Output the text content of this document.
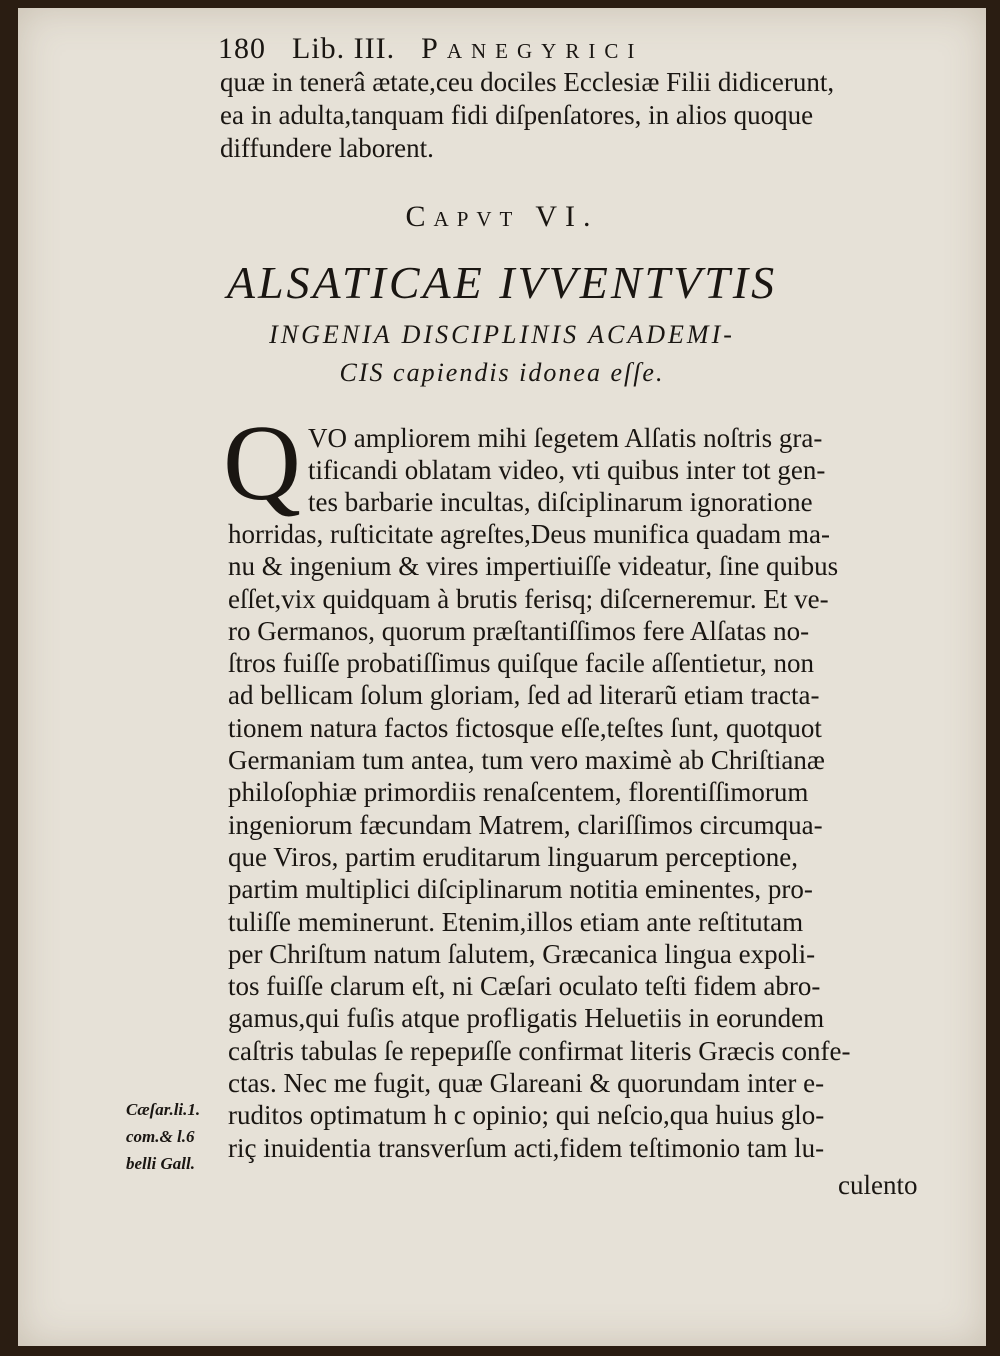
180 Lib. III. Panegyrici
quæ in tenerâ ætate,ceu dociles Ecclesiæ Filii didicerunt,
ea in adulta,tanquam fidi diſpenſatores, in alios quoque
diffundere laborent.
Capvt VI.
ALSATICAE IVVENTVTIS
INGENIA DISCIPLINIS ACADEMI-
CIS capiendis idonea eſſe.
Q VO ampliorem mihi ſegetem Alſatis noſtris gra-
tificandi oblatam video, vti quibus inter tot gen-
tes barbarie incultas, diſciplinarum ignoratione
horridas, ruſticitate agreſtes,Deus munifica quadam ma-
nu & ingenium & vires impertiuiſſe videatur, ſine quibus
eſſet,vix quidquam à brutis ferisq; diſcerneremur. Et ve-
ro Germanos, quorum præſtantiſſimos fere Alſatas no-
ſtros fuiſſe probatiſſimus quiſque facile aſſentietur, non
ad bellicam ſolum gloriam, ſed ad literarũ etiam tracta-
tionem natura factos fictosque eſſe,teſtes ſunt, quotquot
Germaniam tum antea, tum vero maximè ab Chriſtianæ
philoſophiæ primordiis renaſcentem, florentiſſimorum
ingeniorum fæcundam Matrem, clariſſimos circumqua-
que Viros, partim eruditarum linguarum perceptione,
partim multiplici diſciplinarum notitia eminentes, pro-
tuliſſe meminerunt. Etenim,illos etiam ante reſtitutam
per Chriſtum natum ſalutem, Græcanica lingua expoli-
tos fuiſſe clarum eſt, ni Cæſari oculato teſti fidem abro-
gamus,qui fuſis atque profligatis Heluetiis in eorundem
caſtris tabulas ſe repериſſe confirmat literis Græcis confe-
ctas. Nec me fugit, quæ Glareani & quorundam inter e-
ruditos optimatum h c opinio; qui neſcio,qua huius glo-
riç inuidentia transverſum acti,fidem teſtimonio tam lu-
culento
Cæſar.li.1.
com.& l.6
belli Gall.
